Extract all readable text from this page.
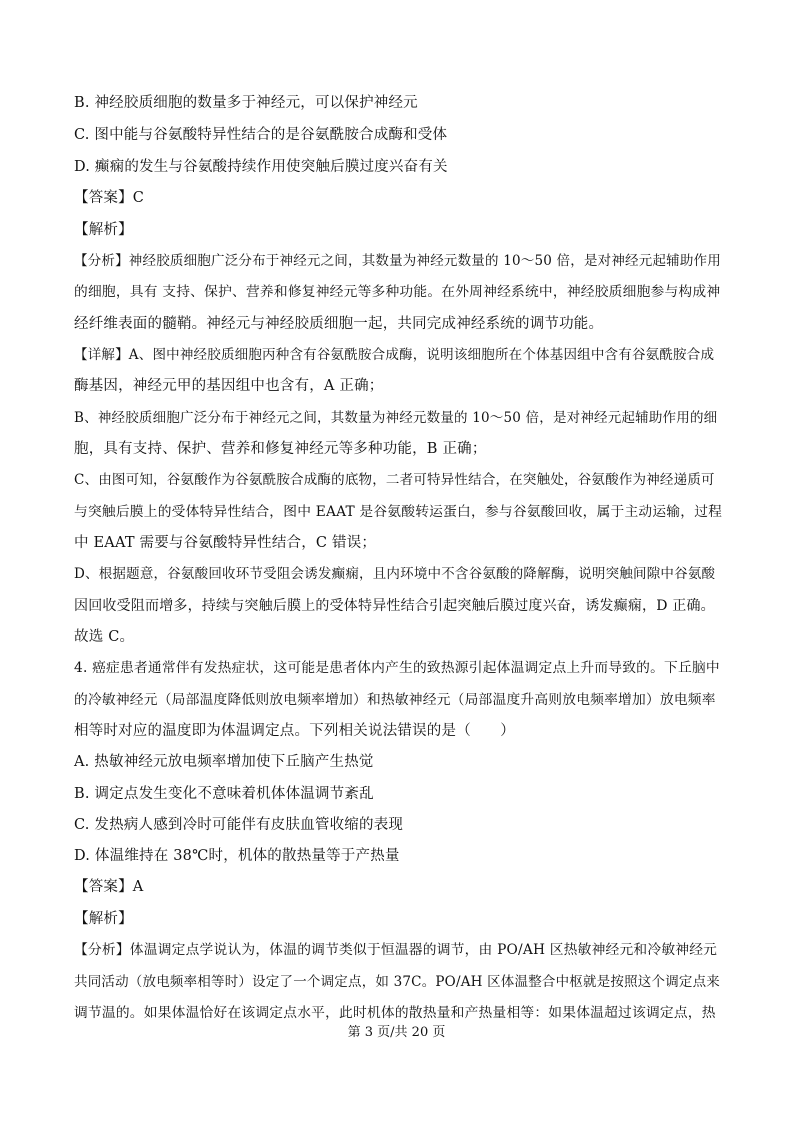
B. 神经胶质细胞的数量多于神经元，可以保护神经元
C. 图中能与谷氨酸特异性结合的是谷氨酰胺合成酶和受体
D. 癫痫的发生与谷氨酸持续作用使突触后膜过度兴奋有关
【答案】C
【解析】
【分析】神经胶质细胞广泛分布于神经元之间，其数量为神经元数量的 10～50 倍，是对神经元起辅助作用
的细胞，具有 支持、保护、营养和修复神经元等多种功能。在外周神经系统中，神经胶质细胞参与构成神
经纤维表面的髓鞘。神经元与神经胶质细胞一起，共同完成神经系统的调节功能。
【详解】A、图中神经胶质细胞丙种含有谷氨酰胺合成酶，说明该细胞所在个体基因组中含有谷氨酰胺合成
酶基因，神经元甲的基因组中也含有，A 正确；
B、神经胶质细胞广泛分布于神经元之间，其数量为神经元数量的 10～50 倍，是对神经元起辅助作用的细
胞，具有支持、保护、营养和修复神经元等多种功能，B 正确；
C、由图可知，谷氨酸作为谷氨酰胺合成酶的底物，二者可特异性结合，在突触处，谷氨酸作为神经递质可
与突触后膜上的受体特异性结合，图中 EAAT 是谷氨酸转运蛋白，参与谷氨酸回收，属于主动运输，过程
中 EAAT 需要与谷氨酸特异性结合，C 错误；
D、根据题意，谷氨酸回收环节受阻会诱发癫痫，且内环境中不含谷氨酸的降解酶，说明突触间隙中谷氨酸
因回收受阻而增多，持续与突触后膜上的受体特异性结合引起突触后膜过度兴奋，诱发癫痫，D 正确。
故选 C。
4. 癌症患者通常伴有发热症状，这可能是患者体内产生的致热源引起体温调定点上升而导致的。下丘脑中
的冷敏神经元（局部温度降低则放电频率增加）和热敏神经元（局部温度升高则放电频率增加）放电频率
相等时对应的温度即为体温调定点。下列相关说法错误的是（　　）
A. 热敏神经元放电频率增加使下丘脑产生热觉
B. 调定点发生变化不意味着机体体温调节紊乱
C. 发热病人感到冷时可能伴有皮肤血管收缩的表现
D. 体温维持在 38℃时，机体的散热量等于产热量
【答案】A
【解析】
【分析】体温调定点学说认为，体温的调节类似于恒温器的调节，由 PO/AH 区热敏神经元和冷敏神经元
共同活动（放电频率相等时）设定了一个调定点，如 37C。PO/AH 区体温整合中枢就是按照这个调定点来
调节温的。如果体温恰好在该调定点水平，此时机体的散热量和产热量相等：如果体温超过该调定点，热
第 3 页/共 20 页
